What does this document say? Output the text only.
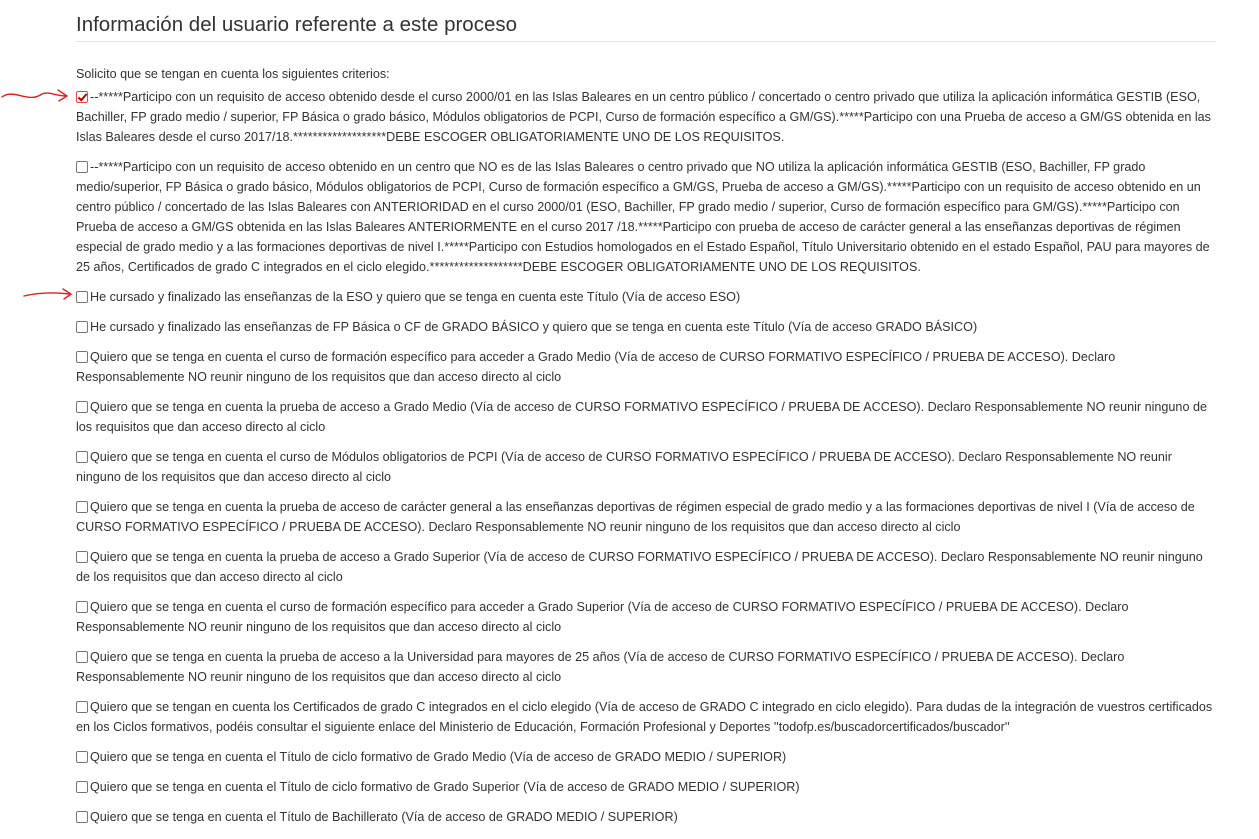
Información del usuario referente a este proceso

Solicito que se tengan en cuenta los siguientes criterios:

--*****Participo con un requisito de acceso obtenido desde el curso 2000/01 en las Islas Baleares en un centro público / concertado o centro privado que utiliza la aplicación informática GESTIB (ESO, Bachiller, FP grado medio / superior, FP Básica o grado básico, Módulos obligatorios de PCPI, Curso de formación específico a GM/GS).*****Participo con una Prueba de acceso a GM/GS obtenida en las Islas Baleares desde el curso 2017/18.*******************DEBE ESCOGER OBLIGATORIAMENTE UNO DE LOS REQUISITOS.
--*****Participo con un requisito de acceso obtenido en un centro que NO es de las Islas Baleares o centro privado que NO utiliza la aplicación informática GESTIB (ESO, Bachiller, FP grado medio/superior, FP Básica o grado básico, Módulos obligatorios de PCPI, Curso de formación específico a GM/GS, Prueba de acceso a GM/GS).*****Participo con un requisito de acceso obtenido en un centro público / concertado de las Islas Baleares con ANTERIORIDAD en el curso 2000/01 (ESO, Bachiller, FP grado medio / superior, Curso de formación específico para GM/GS).*****Participo con Prueba de acceso a GM/GS obtenida en las Islas Baleares ANTERIORMENTE en el curso 2017 /18.*****Participo con prueba de acceso de carácter general a las enseñanzas deportivas de régimen especial de grado medio y a las formaciones deportivas de nivel I.*****Participo con Estudios homologados en el Estado Español, Título Universitario obtenido en el estado Español, PAU para mayores de 25 años, Certificados de grado C integrados en el ciclo elegido.*******************DEBE ESCOGER OBLIGATORIAMENTE UNO DE LOS REQUISITOS.
He cursado y finalizado las enseñanzas de la ESO y quiero que se tenga en cuenta este Título (Vía de acceso ESO)
He cursado y finalizado las enseñanzas de FP Básica o CF de GRADO BÁSICO y quiero que se tenga en cuenta este Título (Vía de acceso GRADO BÁSICO)
Quiero que se tenga en cuenta el curso de formación específico para acceder a Grado Medio (Vía de acceso de CURSO FORMATIVO ESPECÍFICO / PRUEBA DE ACCESO). Declaro Responsablemente NO reunir ninguno de los requisitos que dan acceso directo al ciclo
Quiero que se tenga en cuenta la prueba de acceso a Grado Medio (Vía de acceso de CURSO FORMATIVO ESPECÍFICO / PRUEBA DE ACCESO). Declaro Responsablemente NO reunir ninguno de los requisitos que dan acceso directo al ciclo
Quiero que se tenga en cuenta el curso de Módulos obligatorios de PCPI (Vía de acceso de CURSO FORMATIVO ESPECÍFICO / PRUEBA DE ACCESO). Declaro Responsablemente NO reunir ninguno de los requisitos que dan acceso directo al ciclo
Quiero que se tenga en cuenta la prueba de acceso de carácter general a las enseñanzas deportivas de régimen especial de grado medio y a las formaciones deportivas de nivel I (Vía de acceso de CURSO FORMATIVO ESPECÍFICO / PRUEBA DE ACCESO). Declaro Responsablemente NO reunir ninguno de los requisitos que dan acceso directo al ciclo
Quiero que se tenga en cuenta la prueba de acceso a Grado Superior (Vía de acceso de CURSO FORMATIVO ESPECÍFICO / PRUEBA DE ACCESO). Declaro Responsablemente NO reunir ninguno de los requisitos que dan acceso directo al ciclo
Quiero que se tenga en cuenta el curso de formación específico para acceder a Grado Superior (Vía de acceso de CURSO FORMATIVO ESPECÍFICO / PRUEBA DE ACCESO). Declaro Responsablemente NO reunir ninguno de los requisitos que dan acceso directo al ciclo
Quiero que se tenga en cuenta la prueba de acceso a la Universidad para mayores de 25 años (Vía de acceso de CURSO FORMATIVO ESPECÍFICO / PRUEBA DE ACCESO). Declaro Responsablemente NO reunir ninguno de los requisitos que dan acceso directo al ciclo
Quiero que se tengan en cuenta los Certificados de grado C integrados en el ciclo elegido (Vía de acceso de GRADO C integrado en ciclo elegido). Para dudas de la integración de vuestros certificados en los Ciclos formativos, podéis consultar el siguiente enlace del Ministerio de Educación, Formación Profesional y Deportes ''todofp.es/buscadorcertificados/buscador''
Quiero que se tenga en cuenta el Título de ciclo formativo de Grado Medio (Vía de acceso de GRADO MEDIO / SUPERIOR)
Quiero que se tenga en cuenta el Título de ciclo formativo de Grado Superior (Vía de acceso de GRADO MEDIO / SUPERIOR)
Quiero que se tenga en cuenta el Título de Bachillerato (Vía de acceso de GRADO MEDIO / SUPERIOR)
